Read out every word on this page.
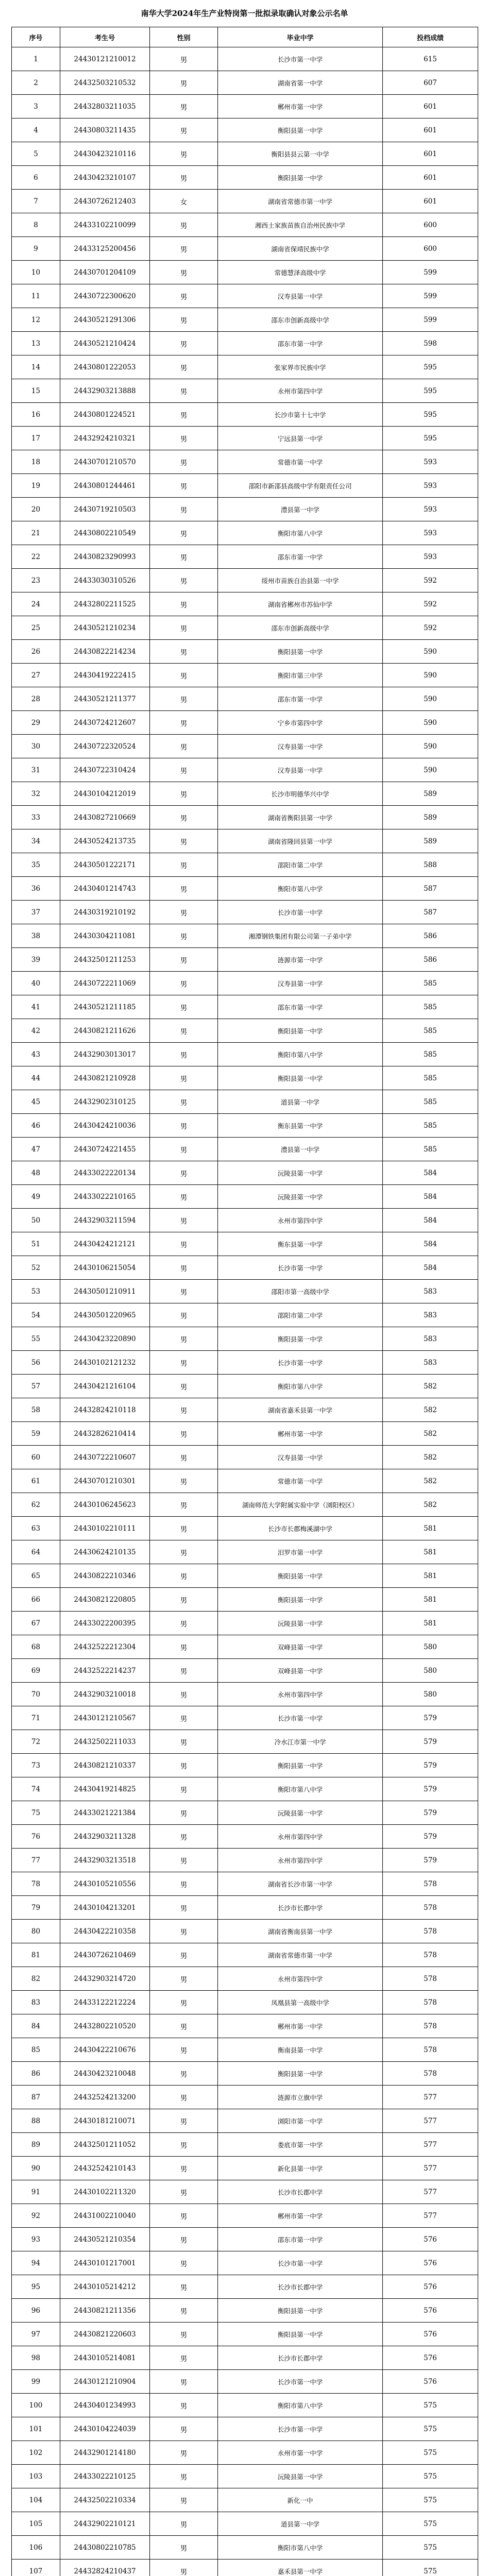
南华大学2024年生产业特岗第一批拟录取确认对象公示名单
序号	考生号	性别	毕业中学	投档成绩
1	24430121210012	男	长沙市第一中学	615
2	24432503210532	男	湖南省第一中学	607
3	24432803211035	男	郴州市第一中学	601
4	24430803211435	男	衡阳县第一中学	601
5	24430423210116	男	衡阳县县云第一中学	601
6	24430423210107	男	衡阳县第一中学	601
7	24430726212403	女	湖南省常德市第一中学	601
8	24433102210099	男	湘西土家族苗族自治州民族中学	600
9	24433125200456	男	湖南省保靖民族中学	600
10	24430701204109	男	常德慧泽高级中学	599
11	24430722300620	男	汉寿县第一中学	599
12	24430521291306	男	邵东市创新高级中学	599
13	24430521210424	男	邵东市第一中学	598
14	24430801222053	男	张家界市民族中学	595
15	24432903213888	男	永州市第四中学	595
16	24430801224521	男	长沙市第十七中学	595
17	24432924210321	男	宁远县第一中学	595
18	24430701210570	男	常德市第一中学	593
19	24430801244461	男	邵阳市新邵县高级中学有限责任公司	593
20	24430719210503	男	澧县第一中学	593
21	24430802210549	男	衡阳市第八中学	593
22	24430823290993	男	邵东市第一中学	593
23	24433030310526	男	绥州市苗族自治县第一中学	592
24	24432802211525	男	湖南省郴州市苏仙中学	592
25	24430521210234	男	邵东市创新高级中学	592
26	24430822214234	男	衡阳县第一中学	590
27	24430419222415	男	衡阳市第三中学	590
28	24430521211377	男	邵东市第一中学	590
29	24430724212607	男	宁乡市第四中学	590
30	24430722320524	男	汉寿县第一中学	590
31	24430722310424	男	汉寿县第一中学	590
32	24430104212019	男	长沙市明德华兴中学	589
33	24430827210669	男	湖南省衡阳县第一中学	589
34	24430524213735	男	湖南省隆回县第一中学	589
35	24430501222171	男	邵阳市第二中学	588
36	24430401214743	男	衡阳市第八中学	587
37	24430319210192	男	长沙市第一中学	587
38	24430304211081	男	湘潭钢铁集团有限公司第一子弟中学	586
39	24432501211253	男	涟源市第一中学	586
40	24430722211069	男	汉寿县第一中学	585
41	24430521211185	男	邵东市第一中学	585
42	24430821211626	男	衡阳县第一中学	585
43	24432903013017	男	衡阳市第八中学	585
44	24430821210928	男	衡阳县第一中学	585
45	24432902310125	男	道县第一中学	585
46	24430424210036	男	衡东县第一中学	585
47	24430724221455	男	澧县第一中学	585
48	24433022220134	男	沅陵县第一中学	584
49	24433022210165	男	沅陵县第一中学	584
50	24432903211594	男	永州市第四中学	584
51	24430424212121	男	衡东县第一中学	584
52	24430106215054	男	长沙市第一中学	584
53	24430501210911	男	邵阳市第一高级中学	583
54	24430501220965	男	邵阳市第二中学	583
55	24430423220890	男	衡阳县第一中学	583
56	24430102121232	男	长沙市第一中学	583
57	24430421216104	男	衡阳市第八中学	582
58	24432824210118	男	湖南省嘉禾县第一中学	582
59	24432826210414	男	郴州市第一中学	582
60	24430722210607	男	汉寿县第一中学	582
61	24430701210301	男	常德市第一中学	582
62	24430106245623	男	湖南师范大学附属实验中学（浏阳校区）	582
63	24430102210111	男	长沙市长郡梅溪湖中学	581
64	24430624210135	男	汨罗市第一中学	581
65	24430822210346	男	衡阳县第一中学	581
66	24430821220805	男	衡阳县第一中学	581
67	24433022200395	男	沅陵县第一中学	581
68	24432522212304	男	双峰县第一中学	580
69	24432522214237	男	双峰县第一中学	580
70	24432903210018	男	永州市第四中学	580
71	24430121210567	男	长沙市第一中学	579
72	24432502211033	男	冷水江市第一中学	579
73	24430821210337	男	衡阳县第一中学	579
74	24430419214825	男	衡阳市第八中学	579
75	24433021221384	男	沅陵县第一中学	579
76	24432903211328	男	永州市第四中学	579
77	24432903213518	男	永州市第四中学	579
78	24430105210556	男	湖南省长沙市第一中学	578
79	24430104213201	男	长沙市长郡中学	578
80	24430422210358	男	湖南省衡南县第一中学	578
81	24430726210469	男	湖南省常德市第一中学	578
82	24432903214720	男	永州市第四中学	578
83	24433122212224	男	凤凰县第一高级中学	578
84	24432802210520	男	郴州市第一中学	578
85	24430422210676	男	衡南县第一中学	578
86	24430423210048	男	衡阳县第一中学	578
87	24432524213200	男	涟源市立旗中学	577
88	24430181210071	男	浏阳市第一中学	577
89	24432501211052	男	娄底市第一中学	577
90	24432524210143	男	新化县第一中学	577
91	24430102211320	男	长沙市长郡中学	577
92	24431002210040	男	郴州市第一中学	577
93	24430521210354	男	邵东市第一中学	576
94	24430101217001	男	长沙市第一中学	576
95	24430105214212	男	长沙市长郡中学	576
96	24430821211356	男	衡阳县第一中学	576
97	24430821220603	男	衡阳县第一中学	576
98	24430105214081	男	长沙市长郡中学	576
99	24430121210904	男	长沙市第一中学	576
100	24430401234993	男	衡阳市第八中学	575
101	24430104224039	男	长沙市第一中学	575
102	24432901214180	男	永州市第一中学	575
103	24433022210125	男	沅陵县第一中学	575
104	24432502210334	男	新化一中	575
105	24432902210121	男	道县第一中学	575
106	24430802210785	男	衡阳市第八中学	575
107	24432824210437	男	嘉禾县第一中学	575
